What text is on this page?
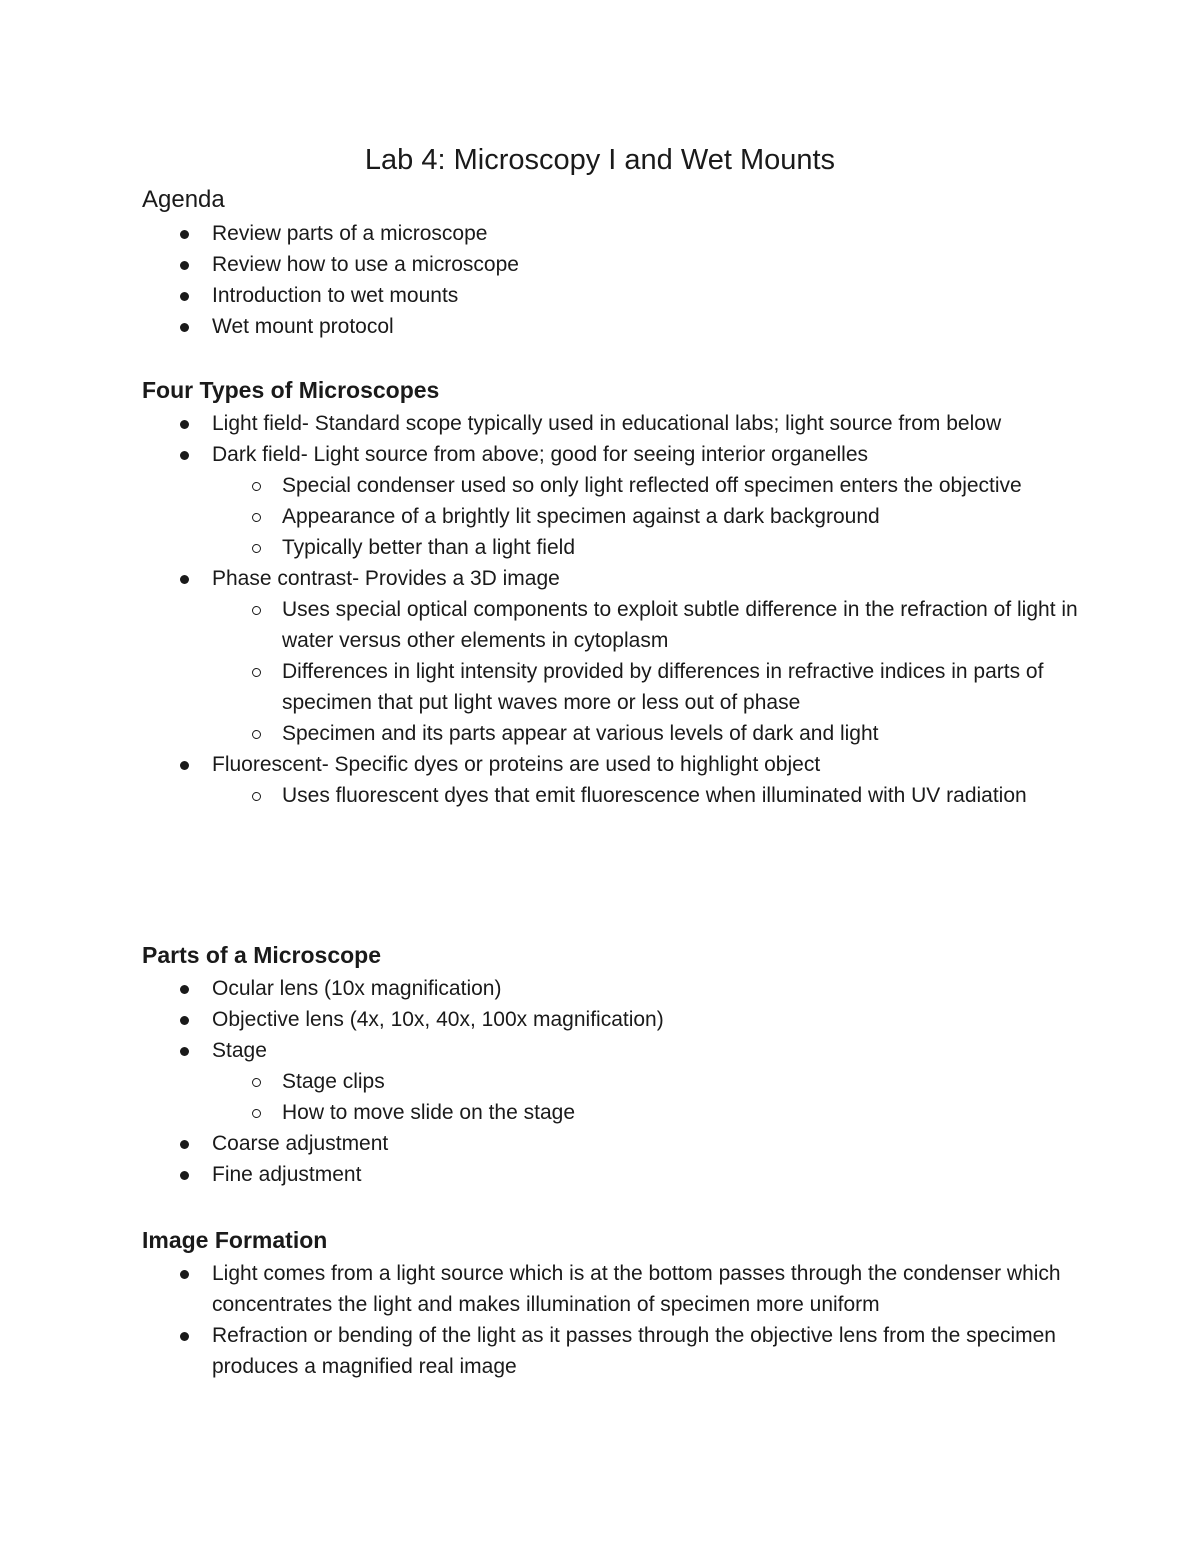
Lab 4: Microscopy I and Wet Mounts
Agenda
Review parts of a microscope
Review how to use a microscope
Introduction to wet mounts
Wet mount protocol
Four Types of Microscopes
Light field- Standard scope typically used in educational labs; light source from below
Dark field- Light source from above; good for seeing interior organelles
Special condenser used so only light reflected off specimen enters the objective
Appearance of a brightly lit specimen against a dark background
Typically better than a light field
Phase contrast- Provides a 3D image
Uses special optical components to exploit subtle difference in the refraction of light in water versus other elements in cytoplasm
Differences in light intensity provided by differences in refractive indices in parts of specimen that put light waves more or less out of phase
Specimen and its parts appear at various levels of dark and light
Fluorescent- Specific dyes or proteins are used to highlight object
Uses fluorescent dyes that emit fluorescence when illuminated with UV radiation
Parts of a Microscope
Ocular lens (10x magnification)
Objective lens (4x, 10x, 40x, 100x magnification)
Stage
Stage clips
How to move slide on the stage
Coarse adjustment
Fine adjustment
Image Formation
Light comes from a light source which is at the bottom passes through the condenser which concentrates the light and makes illumination of specimen more uniform
Refraction or bending of the light as it passes through the objective lens from the specimen produces a magnified real image
